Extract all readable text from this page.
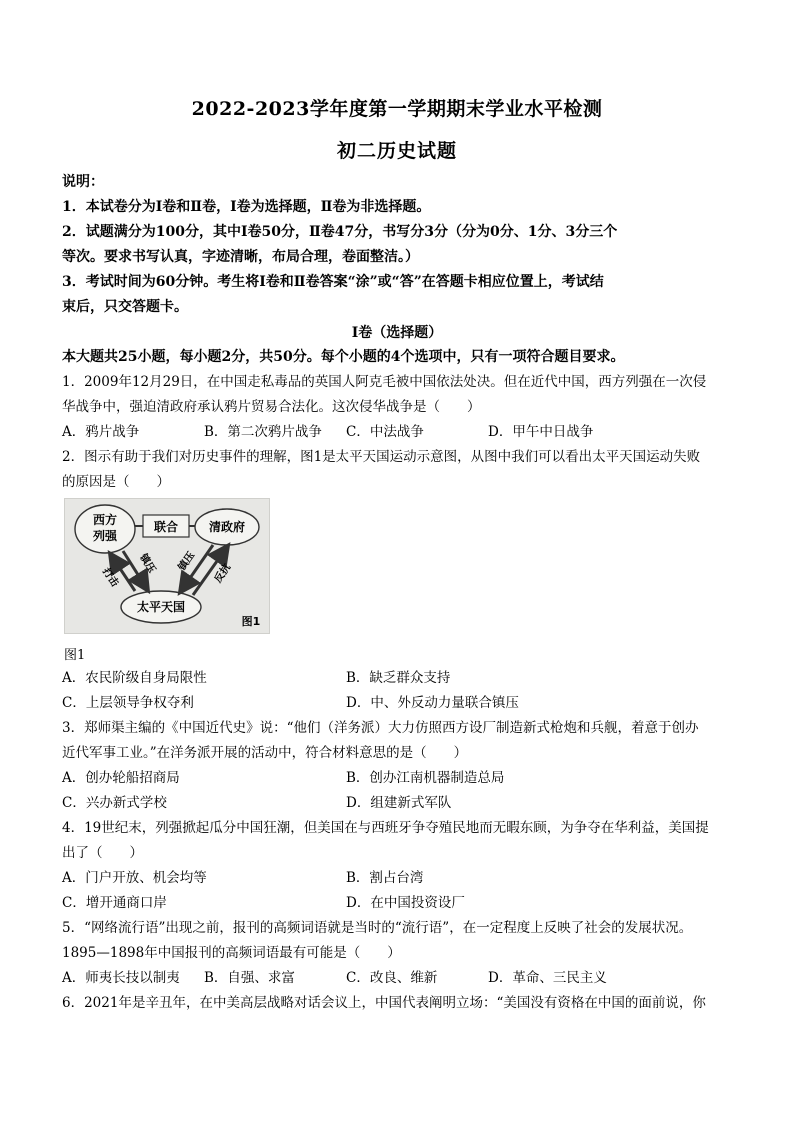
2022-2023学年度第一学期期末学业水平检测
初二历史试题
说明：
1．本试卷分为Ⅰ卷和Ⅱ卷，Ⅰ卷为选择题，Ⅱ卷为非选择题。
2．试题满分为100分，其中Ⅰ卷50分，Ⅱ卷47分，书写分3分（分为0分、1分、3分三个
等次。要求书写认真，字迹清晰，布局合理，卷面整洁。）
3．考试时间为60分钟。考生将Ⅰ卷和Ⅱ卷答案“涂”或“答”在答题卡相应位置上，考试结
束后，只交答题卡。
Ⅰ卷（选择题）
本大题共25小题，每小题2分，共50分。每个小题的4个选项中，只有一项符合题目要求。
1．2009年12月29日，在中国走私毒品的英国人阿克毛被中国依法处决。但在近代中国，西方列强在一次侵
华战争中，强迫清政府承认鸦片贸易合法化。这次侵华战争是（　　）
A．鸦片战争	B．第二次鸦片战争 C．中法战争	D．甲午中日战争
2．图示有助于我们对历史事件的理解，图1是太平天国运动示意图，从图中我们可以看出太平天国运动失败
的原因是（　　）
西方
列强
清政府
联合
太平天国
镇压
打击
镇压
反抗
图1
图1
A．农民阶级自身局限性	B．缺乏群众支持
C．上层领导争权夺利	D．中、外反动力量联合镇压
3．郑师渠主编的《中国近代史》说：“他们（洋务派）大力仿照西方设厂制造新式枪炮和兵舰，着意于创办
近代军事工业。”在洋务派开展的活动中，符合材料意思的是（　　）
A．创办轮船招商局	B．创办江南机器制造总局
C．兴办新式学校	D．组建新式军队
4．19世纪末，列强掀起瓜分中国狂潮，但美国在与西班牙争夺殖民地而无暇东顾，为争夺在华利益，美国提
出了（　　）
A．门户开放、机会均等	B．割占台湾
C．增开通商口岸	D．在中国投资设厂
5．“网络流行语”出现之前，报刊的高频词语就是当时的“流行语”，在一定程度上反映了社会的发展状况。
1895—1898年中国报刊的高频词语最有可能是（　　）
A．师夷长技以制夷 B．自强、求富	C．改良、维新	D．革命、三民主义
6．2021年是辛丑年，在中美高层战略对话会议上，中国代表阐明立场：“美国没有资格在中国的面前说，你
